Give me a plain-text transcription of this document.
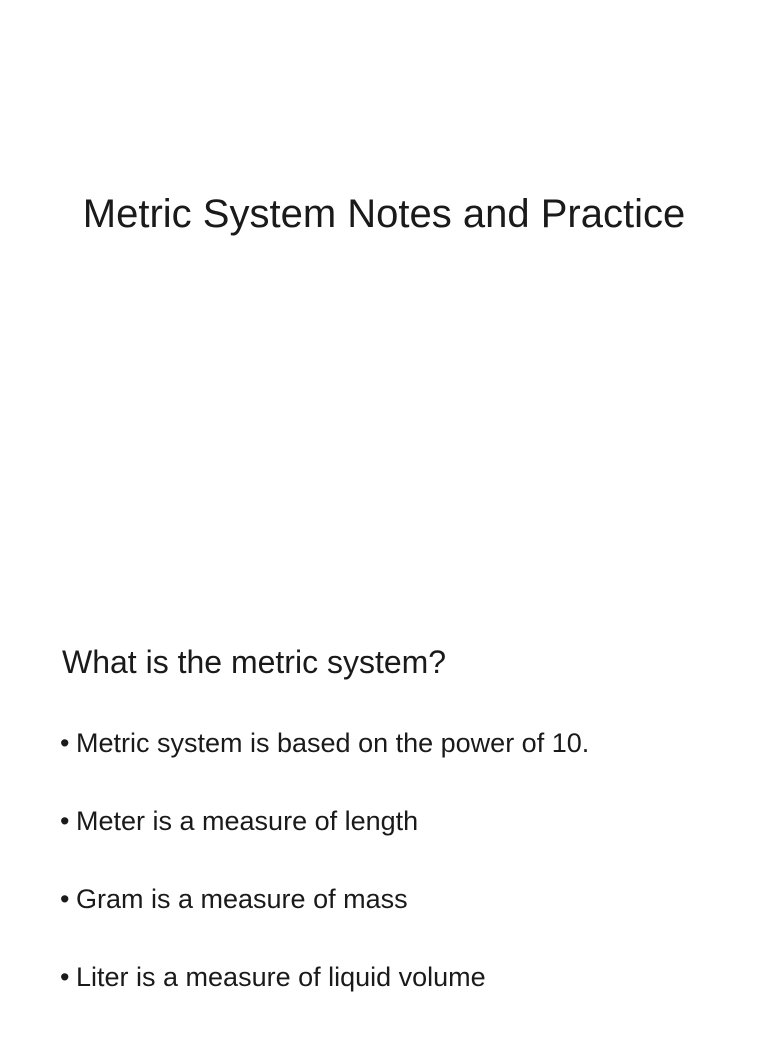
Metric System Notes and Practice
What is the metric system?
• Metric system is based on the power of 10.
• Meter is a measure of length
• Gram is a measure of mass
• Liter is a measure of liquid volume
